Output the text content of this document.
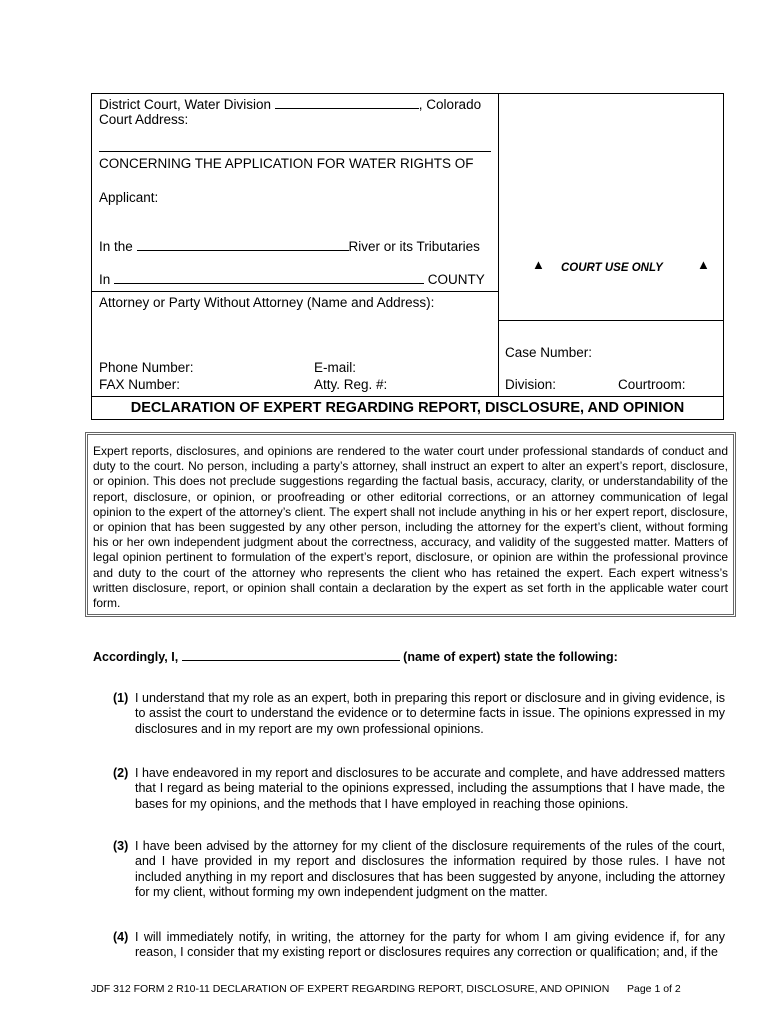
District Court, Water Division	, Colorado
Court Address:
CONCERNING THE APPLICATION FOR WATER RIGHTS OF
Applicant:
In the	River or its Tributaries
In	COUNTY
Attorney or Party Without Attorney (Name and Address):
Phone Number:	E-mail:
FAX Number:	Atty. Reg. #:
▲ COURT USE ONLY	▲
Case Number:
Division:	Courtroom:
DECLARATION OF EXPERT REGARDING REPORT, DISCLOSURE, AND OPINION
Expert reports, disclosures, and opinions are rendered to the water court under professional standards of conduct and duty to the court. No person, including a party’s attorney, shall instruct an expert to alter an expert’s report, disclosure, or opinion. This does not preclude suggestions regarding the factual basis, accuracy, clarity, or understandability of the report, disclosure, or opinion, or proofreading or other editorial corrections, or an attorney communication of legal opinion to the expert of the attorney’s client. The expert shall not include anything in his or her expert report, disclosure, or opinion that has been suggested by any other person, including the attorney for the expert’s client, without forming his or her own independent judgment about the correctness, accuracy, and validity of the suggested matter. Matters of legal opinion pertinent to formulation of the expert’s report, disclosure, or opinion are within the professional province and duty to the court of the attorney who represents the client who has retained the expert. Each expert witness’s written disclosure, report, or opinion shall contain a declaration by the expert as set forth in the applicable water court form.
Accordingly, I,	(name of expert) state the following:
(1) I understand that my role as an expert, both in preparing this report or disclosure and in giving evidence, is to assist the court to understand the evidence or to determine facts in issue. The opinions expressed in my disclosures and in my report are my own professional opinions.
(2) I have endeavored in my report and disclosures to be accurate and complete, and have addressed matters that I regard as being material to the opinions expressed, including the assumptions that I have made, the bases for my opinions, and the methods that I have employed in reaching those opinions.
(3) I have been advised by the attorney for my client of the disclosure requirements of the rules of the court, and I have provided in my report and disclosures the information required by those rules. I have not included anything in my report and disclosures that has been suggested by anyone, including the attorney for my client, without forming my own independent judgment on the matter.
(4) I will immediately notify, in writing, the attorney for the party for whom I am giving evidence if, for any reason, I consider that my existing report or disclosures requires any correction or qualification; and, if the
JDF 312 FORM 2 R10-11 DECLARATION OF EXPERT REGARDING REPORT, DISCLOSURE, AND OPINION Page 1 of 2
